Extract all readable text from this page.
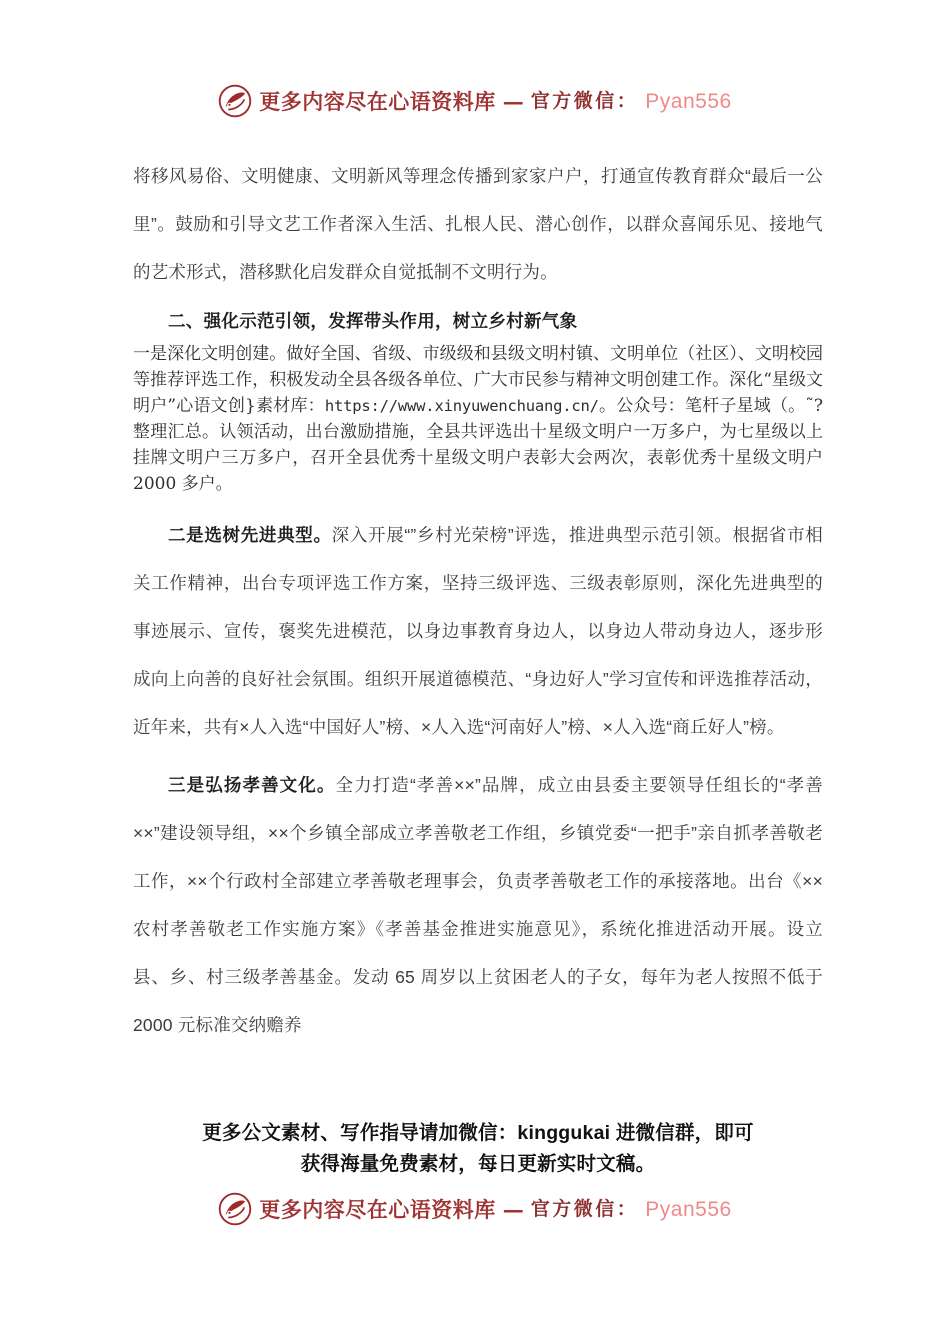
更多内容尽在心语资料库 — 官方微信： Pyan556

将移风易俗、文明健康、文明新风等理念传播到家家户户，打通宣传教育群众“最后一公里”。鼓励和引导文艺工作者深入生活、扎根人民、潜心创作，以群众喜闻乐见、接地气的艺术形式，潜移默化启发群众自觉抵制不文明行为。

二、强化示范引领，发挥带头作用，树立乡村新气象

一是深化文明创建。做好全国、省级、市级级和县级文明村镇、文明单位（社区）、文明校园等推荐评选工作，积极发动全县各级各单位、广大市民参与精神文明创建工作。深化“星级文明户”心语文创}素材库：https://www.xinyuwenchuang.cn/。公众号：笔杆子星域（。˜?整理汇总。认领活动，出台激励措施，全县共评选出十星级文明户一万多户，为七星级以上挂牌文明户三万多户，召开全县优秀十星级文明户表彰大会两次，表彰优秀十星级文明户 2000 多户。

二是选树先进典型。深入开展“”乡村光荣榜”评选，推进典型示范引领。根据省市相关工作精神，出台专项评选工作方案，坚持三级评选、三级表彰原则，深化先进典型的事迹展示、宣传，褒奖先进模范，以身边事教育身边人，以身边人带动身边人，逐步形成向上向善的良好社会氛围。组织开展道德模范、“身边好人”学习宣传和评选推荐活动，近年来，共有×人入选“中国好人”榜、×人入选“河南好人”榜、×人入选“商丘好人”榜。

三是弘扬孝善文化。全力打造“孝善××”品牌，成立由县委主要领导任组长的“孝善××”建设领导组，××个乡镇全部成立孝善敬老工作组，乡镇党委“一把手”亲自抓孝善敬老工作，××个行政村全部建立孝善敬老理事会，负责孝善敬老工作的承接落地。出台《××农村孝善敬老工作实施方案》《孝善基金推进实施意见》，系统化推进活动开展。设立县、乡、村三级孝善基金。发动 65 周岁以上贫困老人的子女，每年为老人按照不低于 2000 元标准交纳赡养

更多公文素材、写作指导请加微信：kinggukai 进微信群，即可
获得海量免费素材，每日更新实时文稿。
更多内容尽在心语资料库 — 官方微信： Pyan556
